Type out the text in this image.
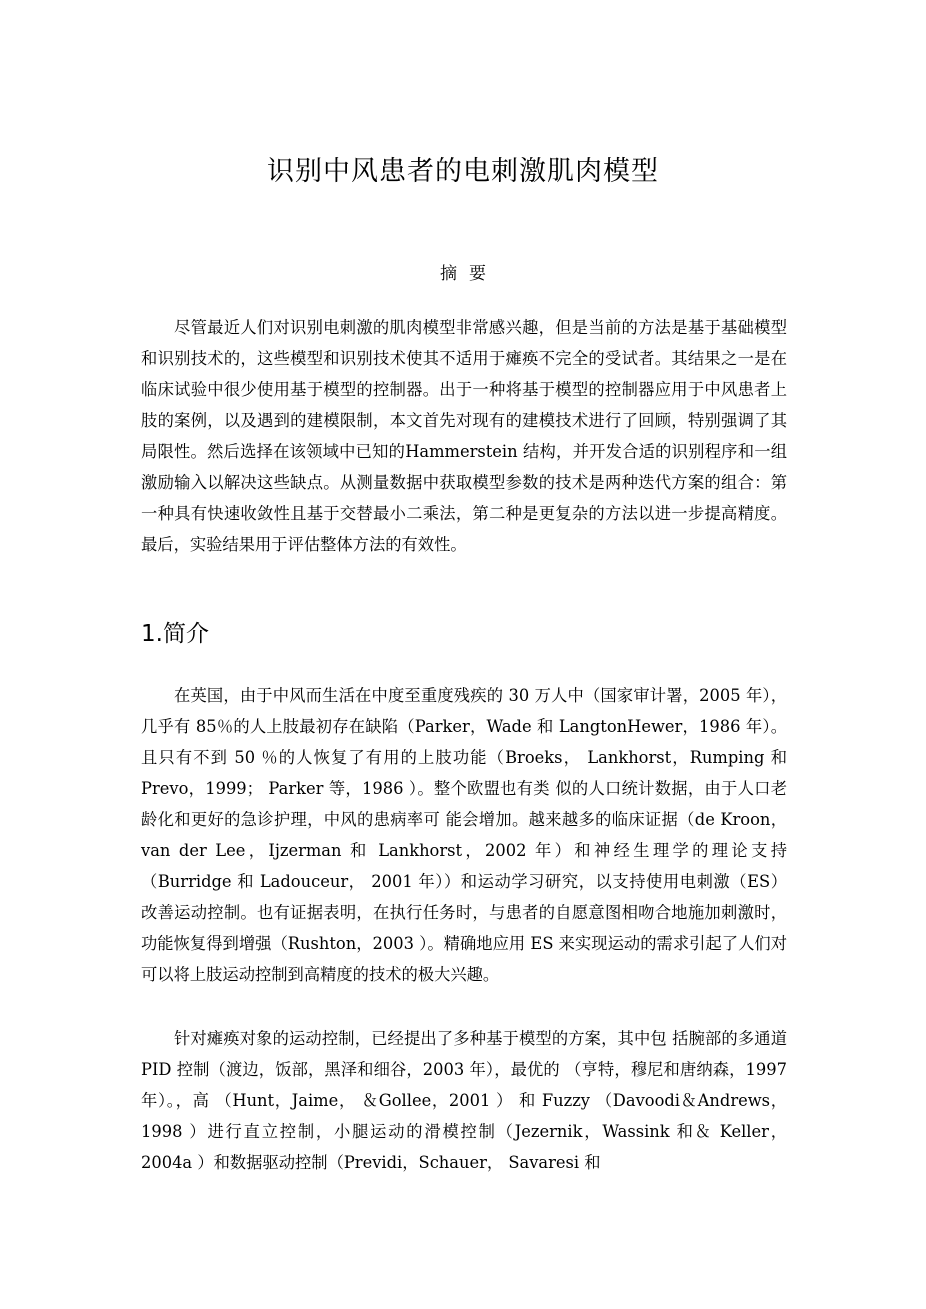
识别中风患者的电刺激肌肉模型
摘要

尽管最近人们对识别电刺激的肌肉模型非常感兴趣，但是当前的方法是基于基础模型和识别技术的，这些模型和识别技术使其不适用于瘫痪不完全的受试者。其结果之一是在临床试验中很少使用基于模型的控制器。出于一种将基于模型的控制器应用于中风患者上肢的案例，以及遇到的建模限制，本文首先对现有的建模技术进行了回顾，特别强调了其局限性。然后选择在该领域中已知的Hammerstein 结构，并开发合适的识别程序和一组激励输入以解决这些缺点。从测量数据中获取模型参数的技术是两种迭代方案的组合：第一种具有快速收敛性且基于交替最小二乘法，第二种是更复杂的方法以进一步提高精度。最后，实验结果用于评估整体方法的有效性。

1.简介

在英国，由于中风而生活在中度至重度残疾的 30 万人中（国家审计署，2005 年），几乎有 85％的人上肢最初存在缺陷（Parker，Wade 和 LangtonHewer，1986 年）。且只有不到 50 ％的人恢复了有用的上肢功能（Broeks， Lankhorst，Rumping 和 Prevo，1999； Parker 等，1986 ）。整个欧盟也有类 似的人口统计数据，由于人口老龄化和更好的急诊护理，中风的患病率可 能会增加。越来越多的临床证据（de Kroon，van der Lee，Ijzerman 和 Lankhorst，2002 年）和神经生理学的理论支持（Burridge 和 Ladouceur， 2001 年））和运动学习研究，以支持使用电刺激（ES）改善运动控制。也有证据表明，在执行任务时，与患者的自愿意图相吻合地施加刺激时，功能恢复得到增强（Rushton，2003 ）。精确地应用 ES 来实现运动的需求引起了人们对可以将上肢运动控制到高精度的技术的极大兴趣。

针对瘫痪对象的运动控制，已经提出了多种基于模型的方案，其中包 括腕部的多通道 PID 控制（渡边，饭部，黑泽和细谷，2003 年），最优的 （亨特，穆尼和唐纳森，1997 年）。，高 （Hunt，Jaime， ＆Gollee，2001 ） 和 Fuzzy （Davoodi＆Andrews， 1998 ）进行直立控制，小腿运动的滑模控制（Jezernik，Wassink 和＆ Keller，2004a ）和数据驱动控制（Previdi，Schauer， Savaresi 和
